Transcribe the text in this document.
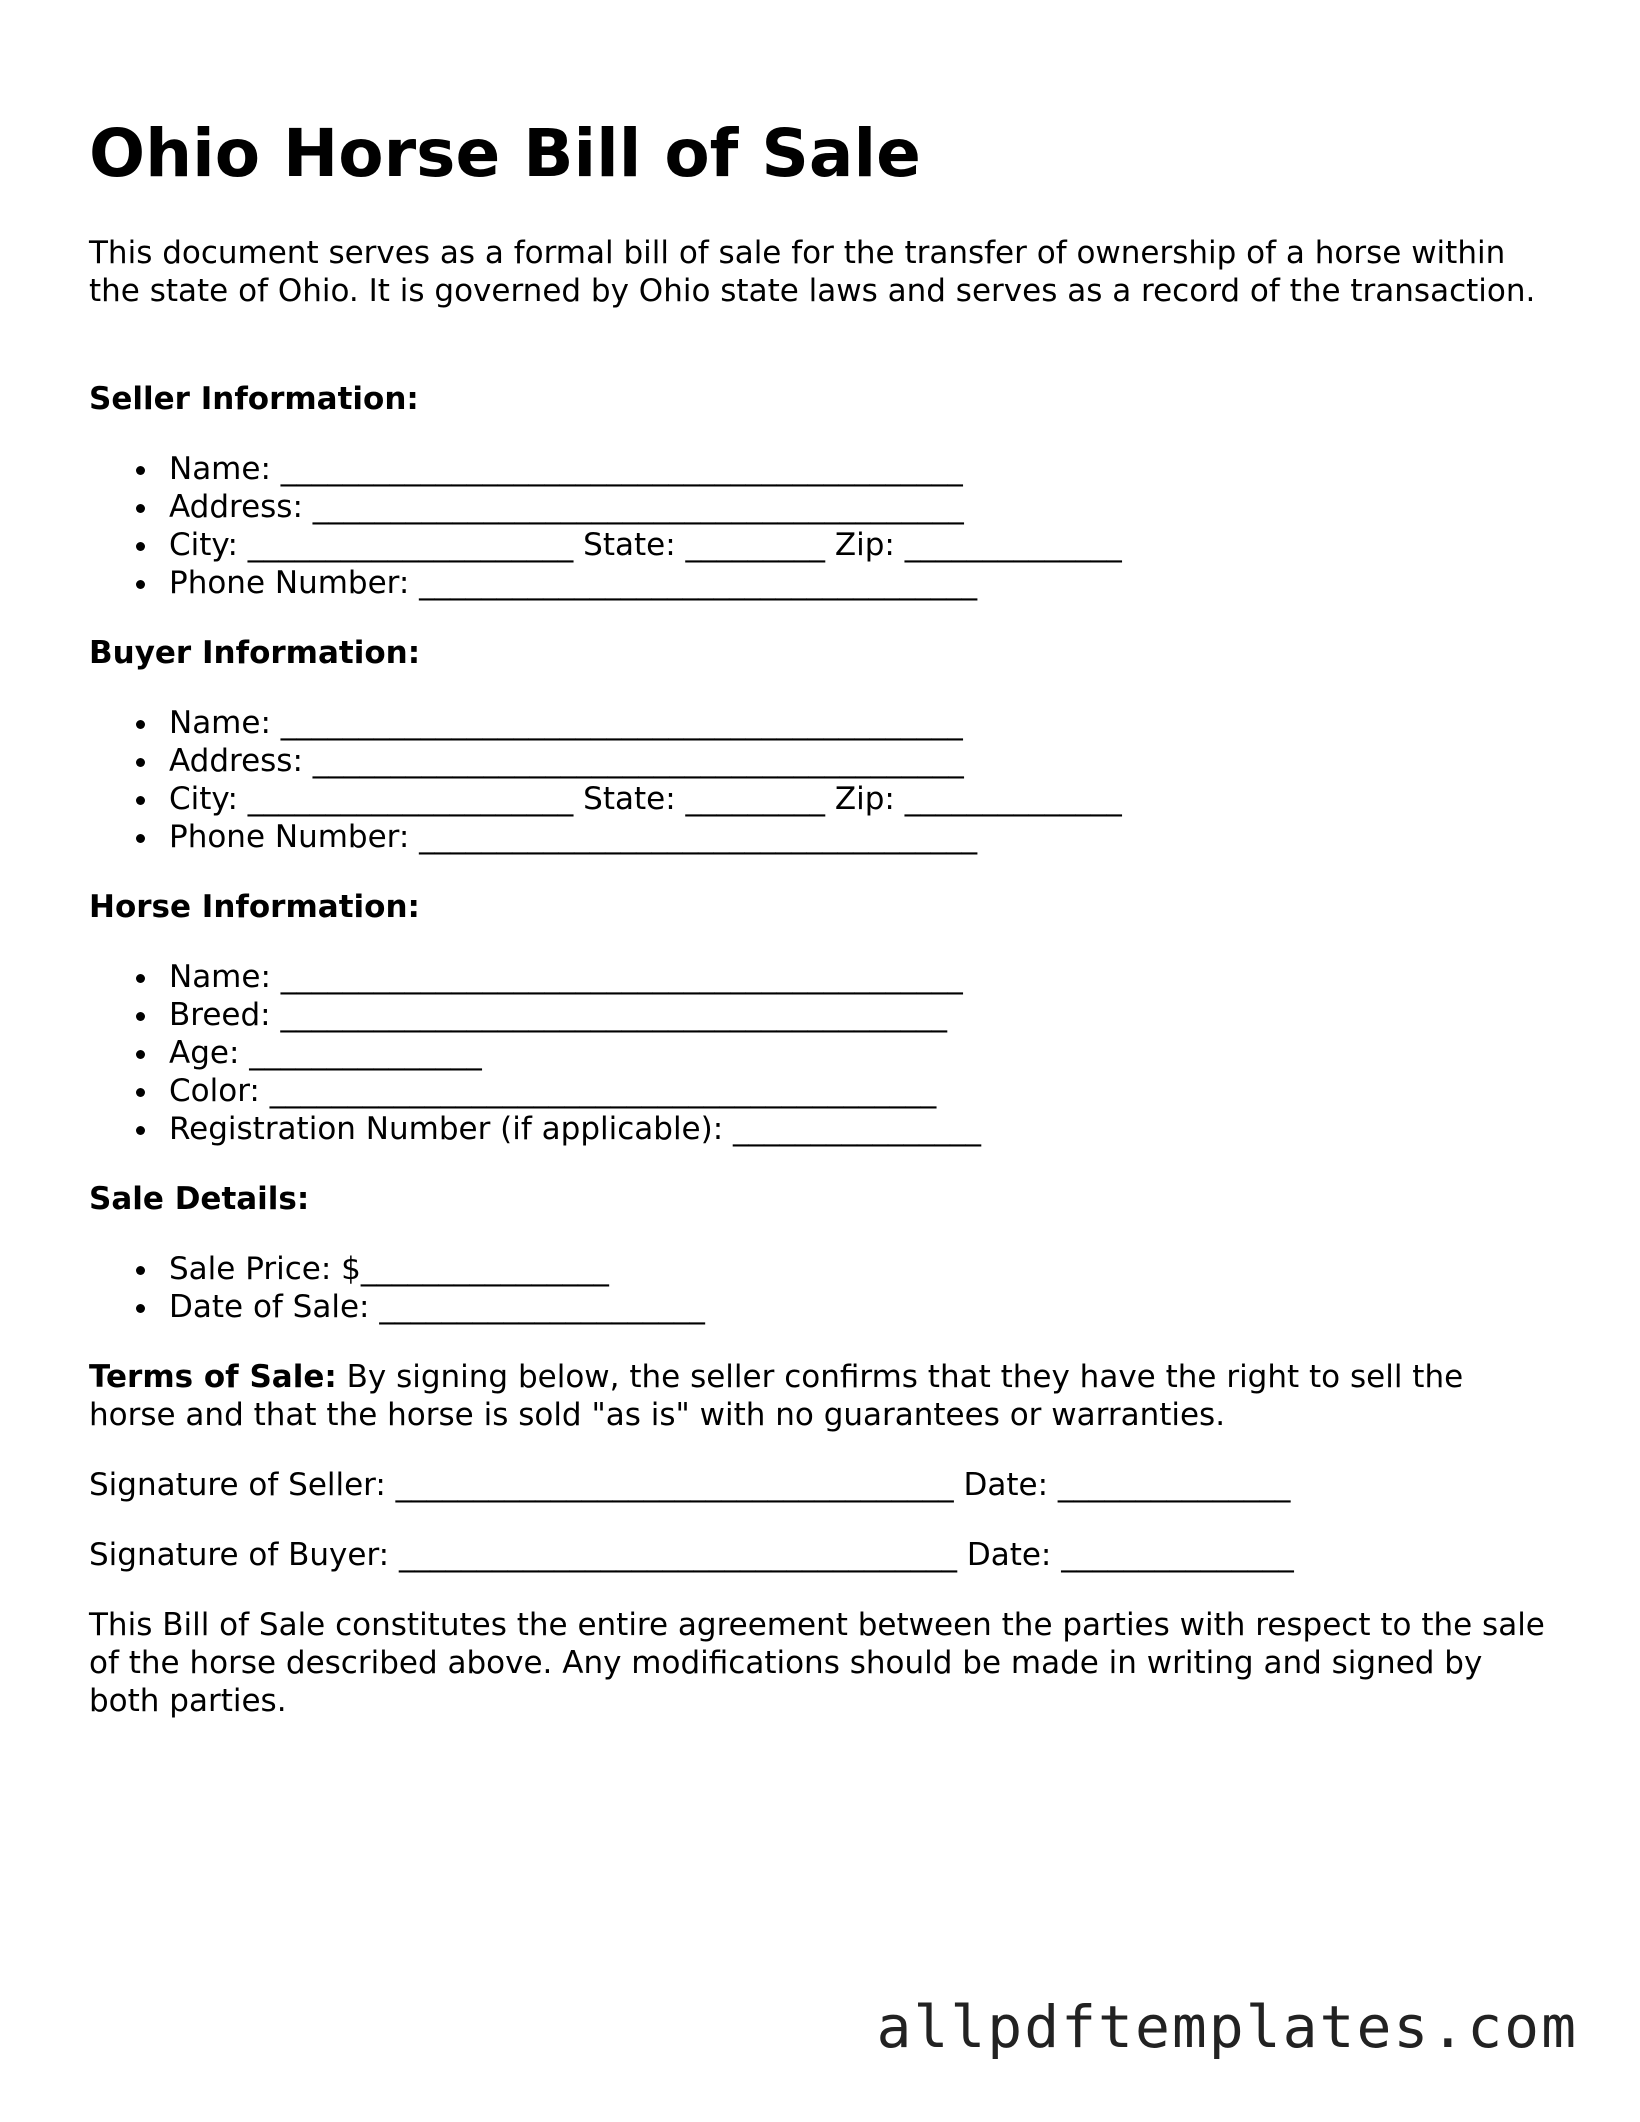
Ohio Horse Bill of Sale

This document serves as a formal bill of sale for the transfer of ownership of a horse within the state of Ohio. It is governed by Ohio state laws and serves as a record of the transaction.

Seller Information:

Name: ____________________________________________
Address: __________________________________________
City: _____________________ State: _________ Zip: ______________
Phone Number: ____________________________________

Buyer Information:

Name: ____________________________________________
Address: __________________________________________
City: _____________________ State: _________ Zip: ______________
Phone Number: ____________________________________

Horse Information:

Name: ____________________________________________
Breed: ___________________________________________
Age: _______________
Color: ___________________________________________
Registration Number (if applicable): ________________

Sale Details:

Sale Price: $________________
Date of Sale: _____________________

Terms of Sale: By signing below, the seller confirms that they have the right to sell the horse and that the horse is sold "as is" with no guarantees or warranties.

Signature of Seller: ____________________________________ Date: _______________

Signature of Buyer: ____________________________________ Date: _______________

This Bill of Sale constitutes the entire agreement between the parties with respect to the sale of the horse described above. Any modifications should be made in writing and signed by both parties.

allpdftemplates.com
